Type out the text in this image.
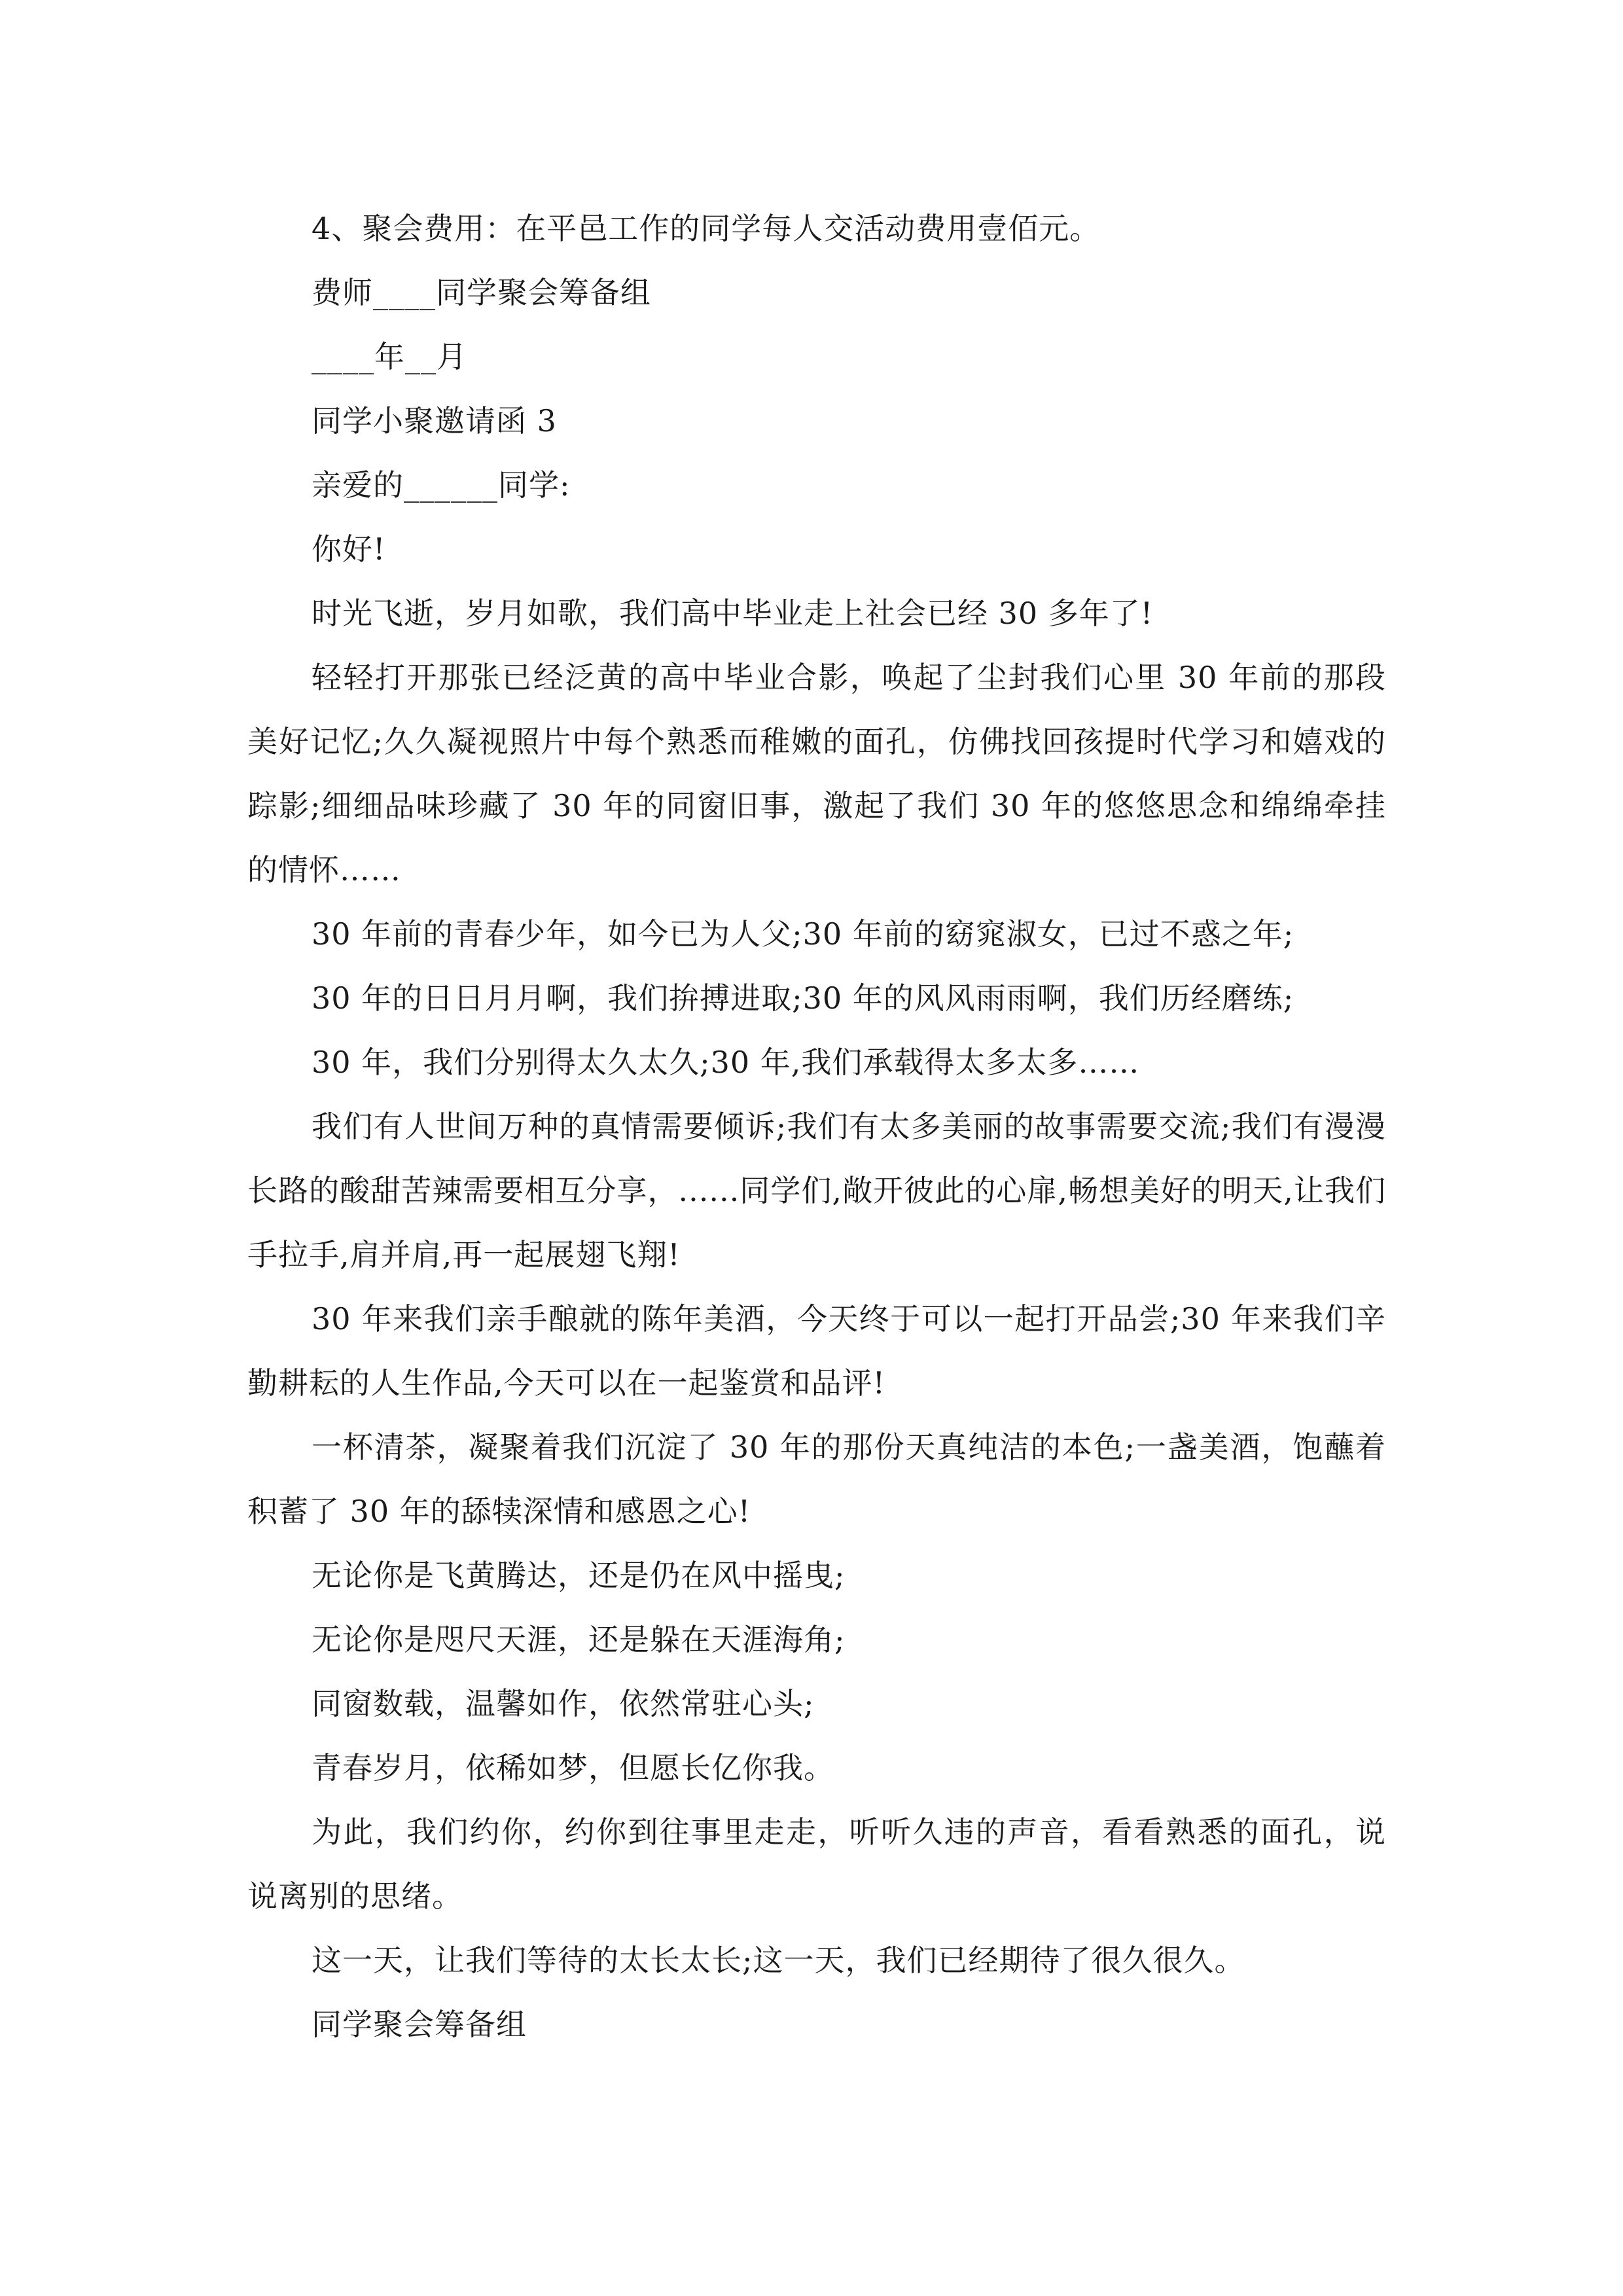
4、聚会费用：在平邑工作的同学每人交活动费用壹佰元。

费师____同学聚会筹备组

____年__月

同学小聚邀请函 3

亲爱的______同学:

你好!

时光飞逝，岁月如歌，我们高中毕业走上社会已经 30 多年了!

轻轻打开那张已经泛黄的高中毕业合影，唤起了尘封我们心里 30 年前的那段美好记忆;久久凝视照片中每个熟悉而稚嫩的面孔，仿佛找回孩提时代学习和嬉戏的踪影;细细品味珍藏了 30 年的同窗旧事，激起了我们 30 年的悠悠思念和绵绵牵挂的情怀……

30 年前的青春少年，如今已为人父;30 年前的窈窕淑女，已过不惑之年;

30 年的日日月月啊，我们拚搏进取;30 年的风风雨雨啊，我们历经磨练;

30 年，我们分别得太久太久;30 年,我们承载得太多太多……

我们有人世间万种的真情需要倾诉;我们有太多美丽的故事需要交流;我们有漫漫长路的酸甜苦辣需要相互分享，......同学们,敞开彼此的心扉,畅想美好的明天,让我们手拉手,肩并肩,再一起展翅飞翔!

30 年来我们亲手酿就的陈年美酒，今天终于可以一起打开品尝;30 年来我们辛勤耕耘的人生作品,今天可以在一起鉴赏和品评!

一杯清茶，凝聚着我们沉淀了 30 年的那份天真纯洁的本色;一盏美酒，饱蘸着积蓄了 30 年的舔犊深情和感恩之心!

无论你是飞黄腾达，还是仍在风中摇曳;

无论你是咫尺天涯，还是躲在天涯海角;

同窗数载，温馨如作，依然常驻心头;

青春岁月，依稀如梦，但愿长亿你我。

为此，我们约你，约你到往事里走走，听听久违的声音，看看熟悉的面孔，说说离别的思绪。

这一天，让我们等待的太长太长;这一天，我们已经期待了很久很久。

同学聚会筹备组
